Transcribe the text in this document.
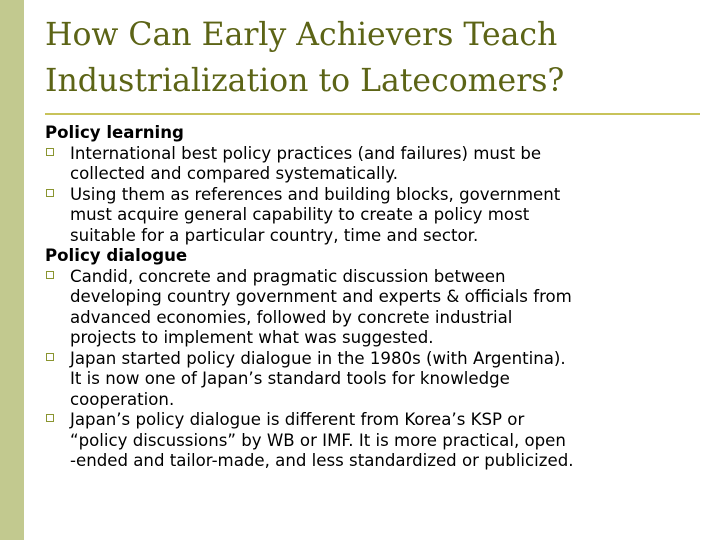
How Can Early Achievers Teach
Industrialization to Latecomers?
Policy learning
International best policy practices (and failures) must be
collected and compared systematically.
Using them as references and building blocks, government
must acquire general capability to create a policy most
suitable for a particular country, time and sector.
Policy dialogue
Candid, concrete and pragmatic discussion between
developing country government and experts & officials from
advanced economies, followed by concrete industrial
projects to implement what was suggested.
Japan started policy dialogue in the 1980s (with Argentina).
It is now one of Japan’s standard tools for knowledge
cooperation.
Japan’s policy dialogue is different from Korea’s KSP or
“policy discussions” by WB or IMF. It is more practical, open
-ended and tailor-made, and less standardized or publicized.
